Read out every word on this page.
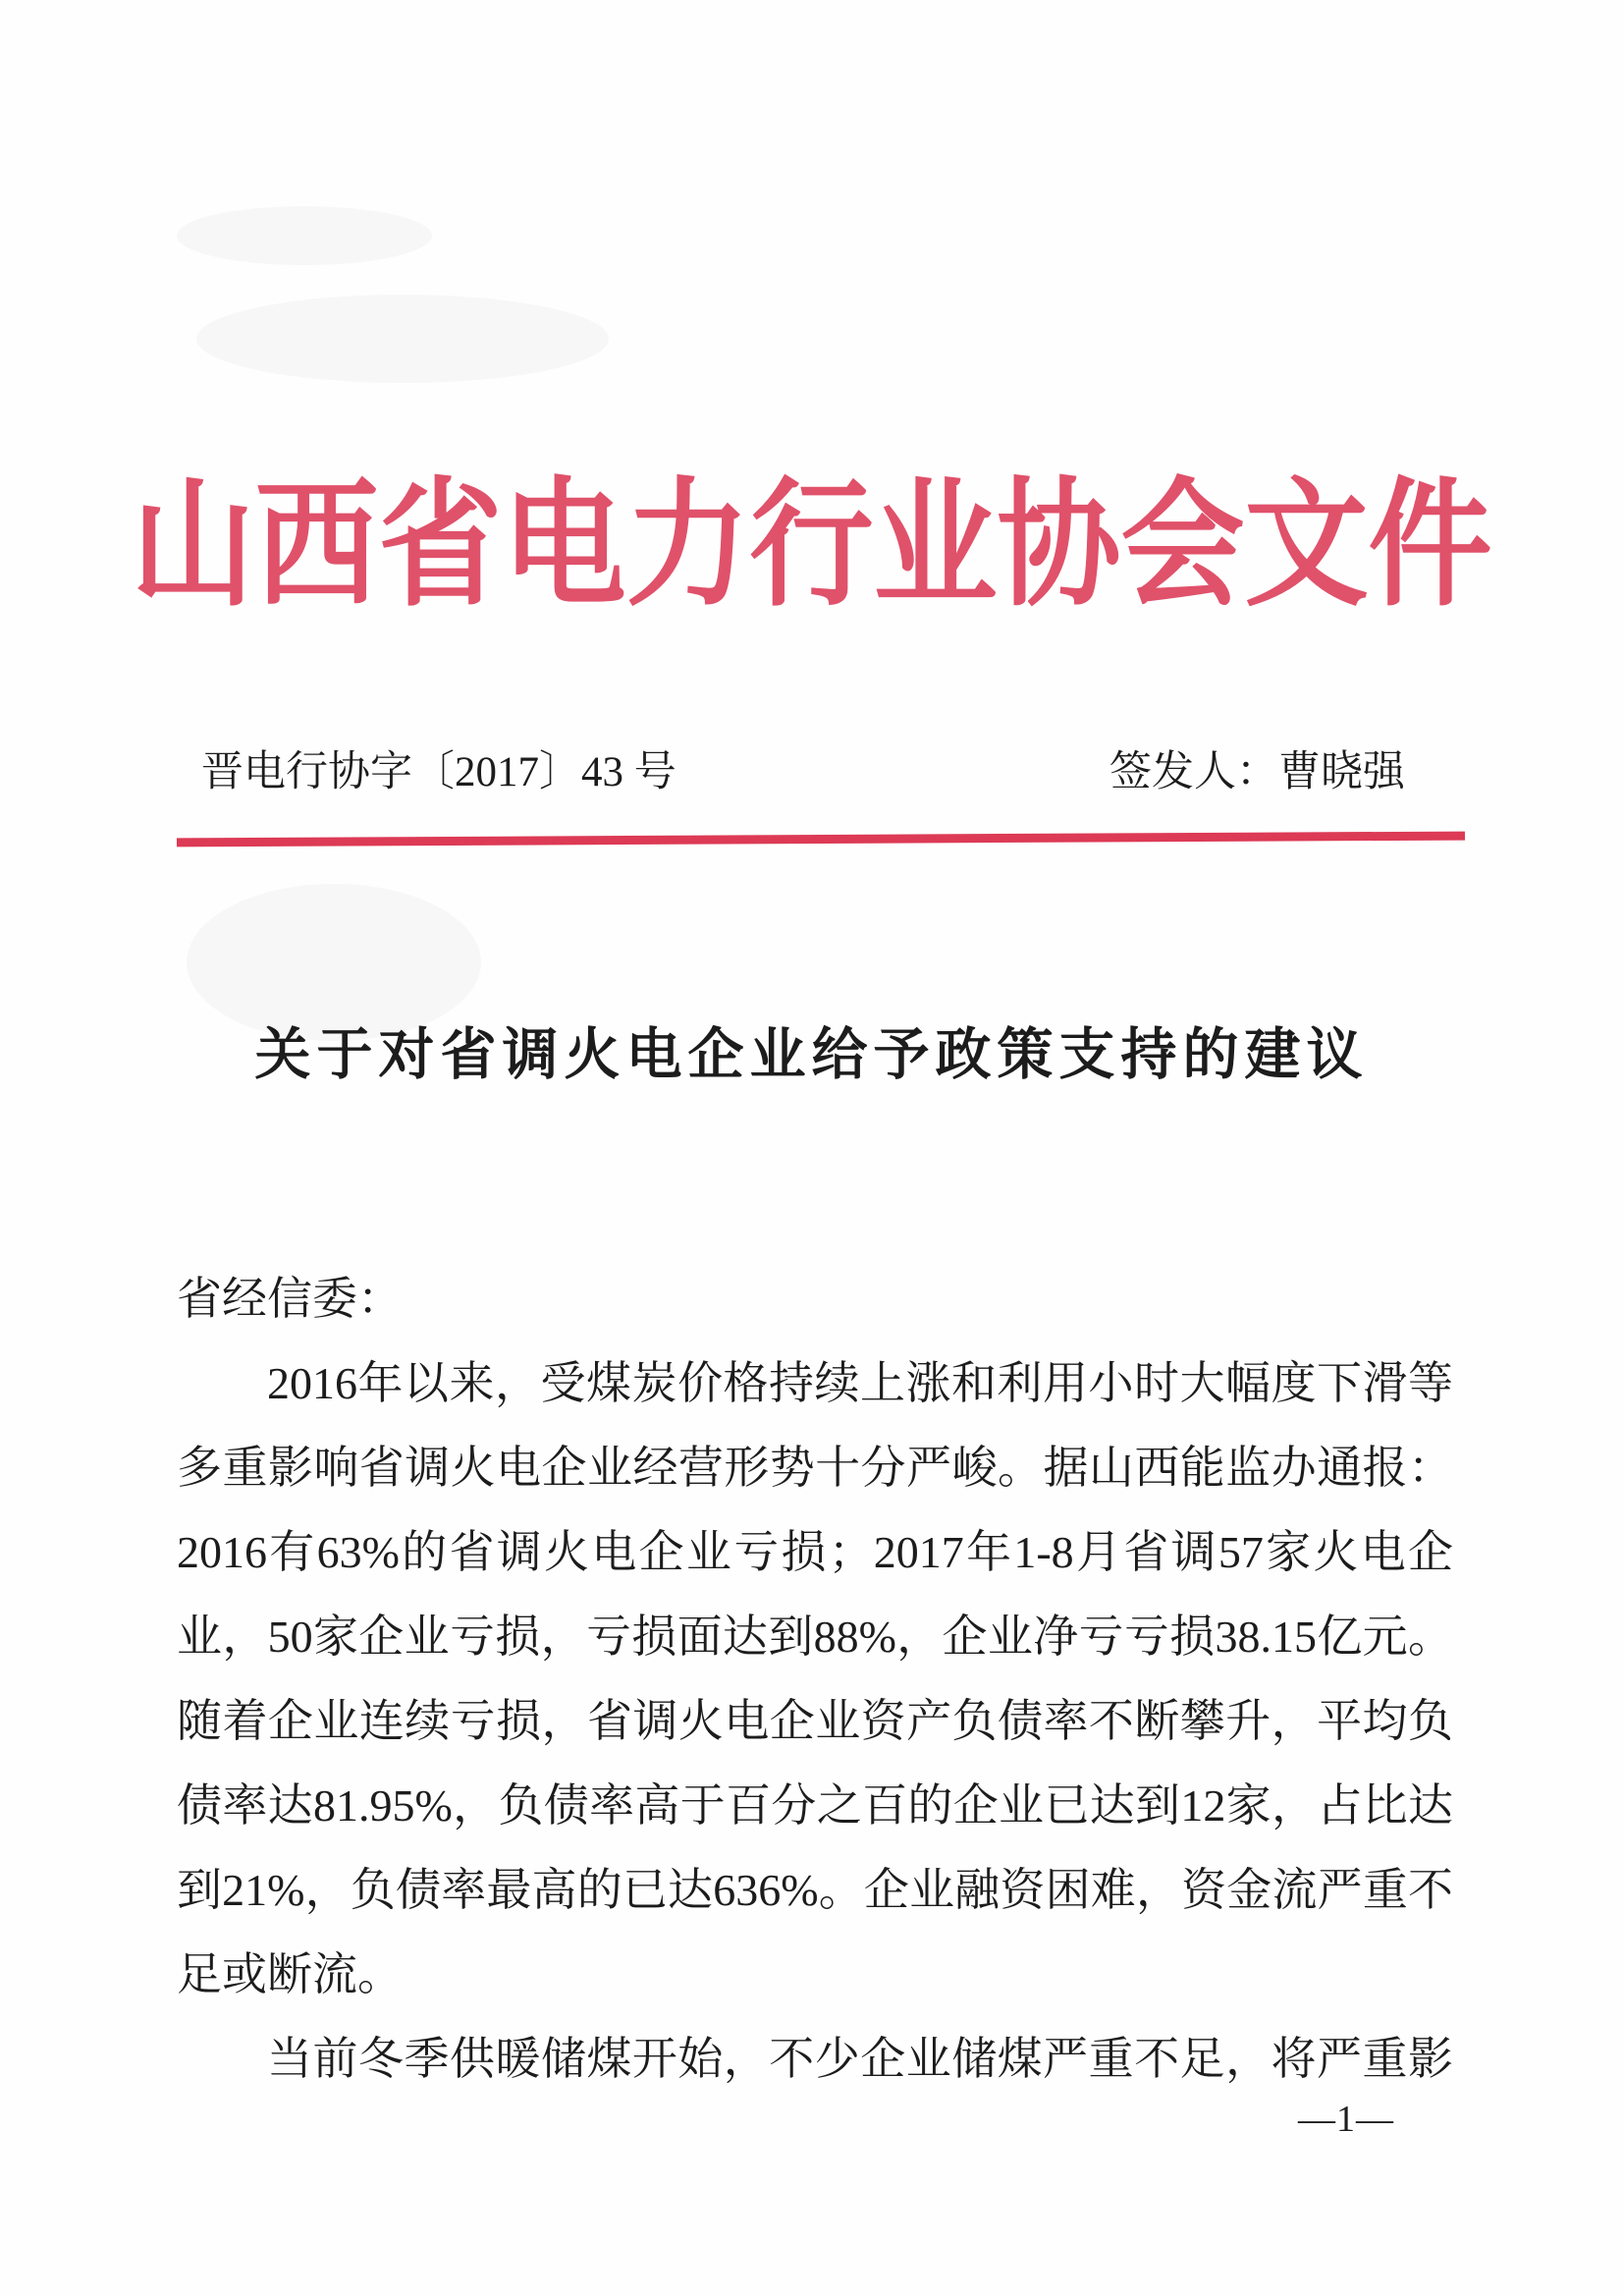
山西省电力行业协会文件
晋电行协字〔2017〕43 号	签发人：曹晓强
关于对省调火电企业给予政策支持的建议
省经信委：
2016年以来，受煤炭价格持续上涨和利用小时大幅度下滑等
多重影响省调火电企业经营形势十分严峻。据山西能监办通报：
2016有63%的省调火电企业亏损；2017年1-8月省调57家火电企
业，50家企业亏损，亏损面达到88%，企业净亏亏损38.15亿元。
随着企业连续亏损，省调火电企业资产负债率不断攀升，平均负
债率达81.95%，负债率高于百分之百的企业已达到12家，占比达
到21%，负债率最高的已达636%。企业融资困难，资金流严重不
足或断流。
当前冬季供暖储煤开始，不少企业储煤严重不足，将严重影
—1—
